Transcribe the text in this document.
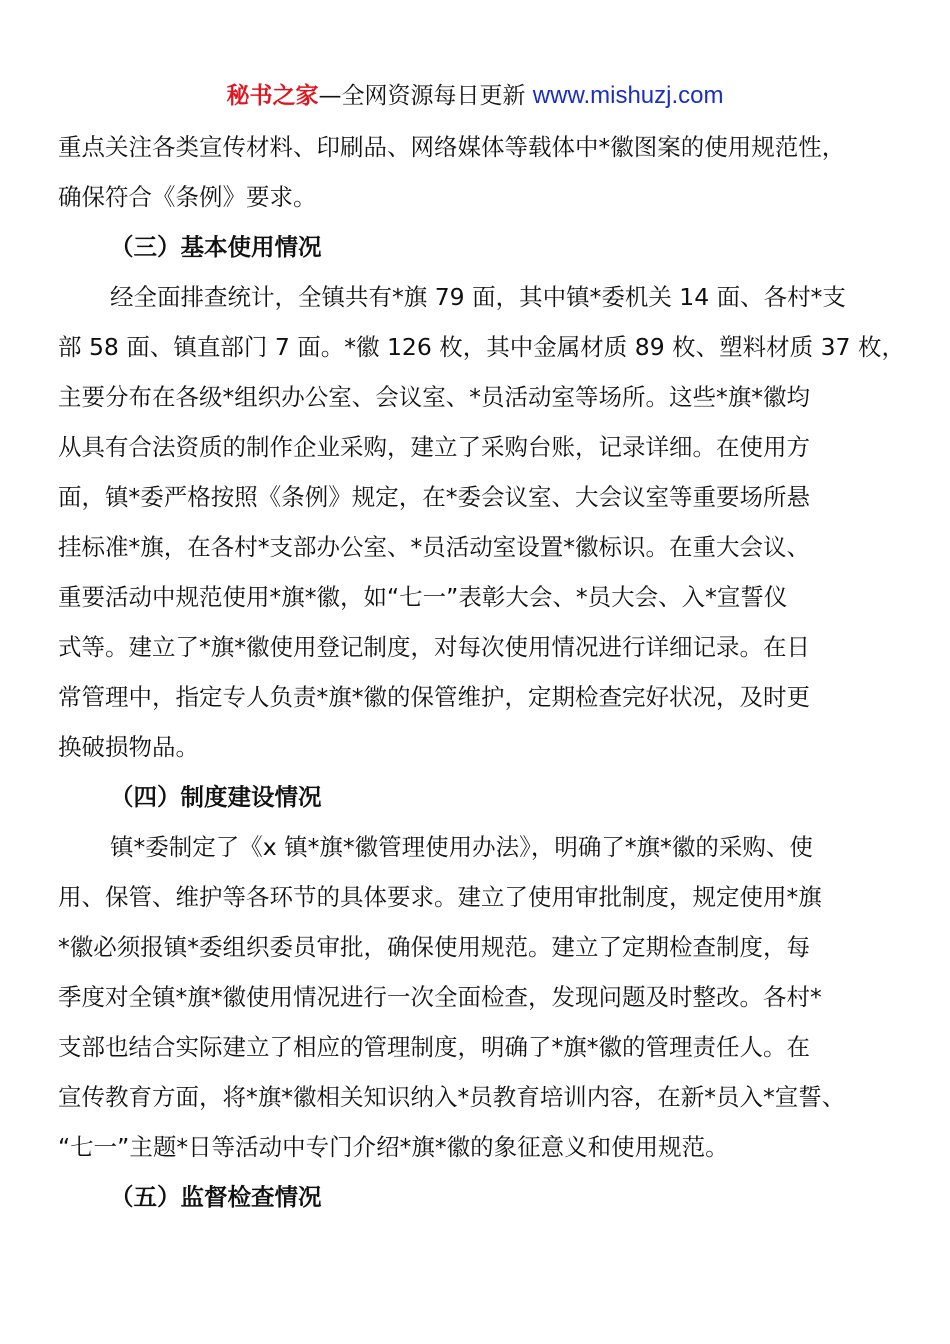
秘书之家—全网资源每日更新 www.mishuzj.com
重点关注各类宣传材料、印刷品、网络媒体等载体中*徽图案的使用规范性，
确保符合《条例》要求。
（三）基本使用情况
经全面排查统计，全镇共有*旗 79 面，其中镇*委机关 14 面、各村*支
部 58 面、镇直部门 7 面。*徽 126 枚，其中金属材质 89 枚、塑料材质 37 枚，
主要分布在各级*组织办公室、会议室、*员活动室等场所。这些*旗*徽均
从具有合法资质的制作企业采购，建立了采购台账，记录详细。在使用方
面，镇*委严格按照《条例》规定，在*委会议室、大会议室等重要场所悬
挂标准*旗，在各村*支部办公室、*员活动室设置*徽标识。在重大会议、
重要活动中规范使用*旗*徽，如“七一”表彰大会、*员大会、入*宣誓仪
式等。建立了*旗*徽使用登记制度，对每次使用情况进行详细记录。在日
常管理中，指定专人负责*旗*徽的保管维护，定期检查完好状况，及时更
换破损物品。
（四）制度建设情况
镇*委制定了《x 镇*旗*徽管理使用办法》，明确了*旗*徽的采购、使
用、保管、维护等各环节的具体要求。建立了使用审批制度，规定使用*旗
*徽必须报镇*委组织委员审批，确保使用规范。建立了定期检查制度，每
季度对全镇*旗*徽使用情况进行一次全面检查，发现问题及时整改。各村*
支部也结合实际建立了相应的管理制度，明确了*旗*徽的管理责任人。在
宣传教育方面，将*旗*徽相关知识纳入*员教育培训内容，在新*员入*宣誓、
“七一”主题*日等活动中专门介绍*旗*徽的象征意义和使用规范。
（五）监督检查情况
